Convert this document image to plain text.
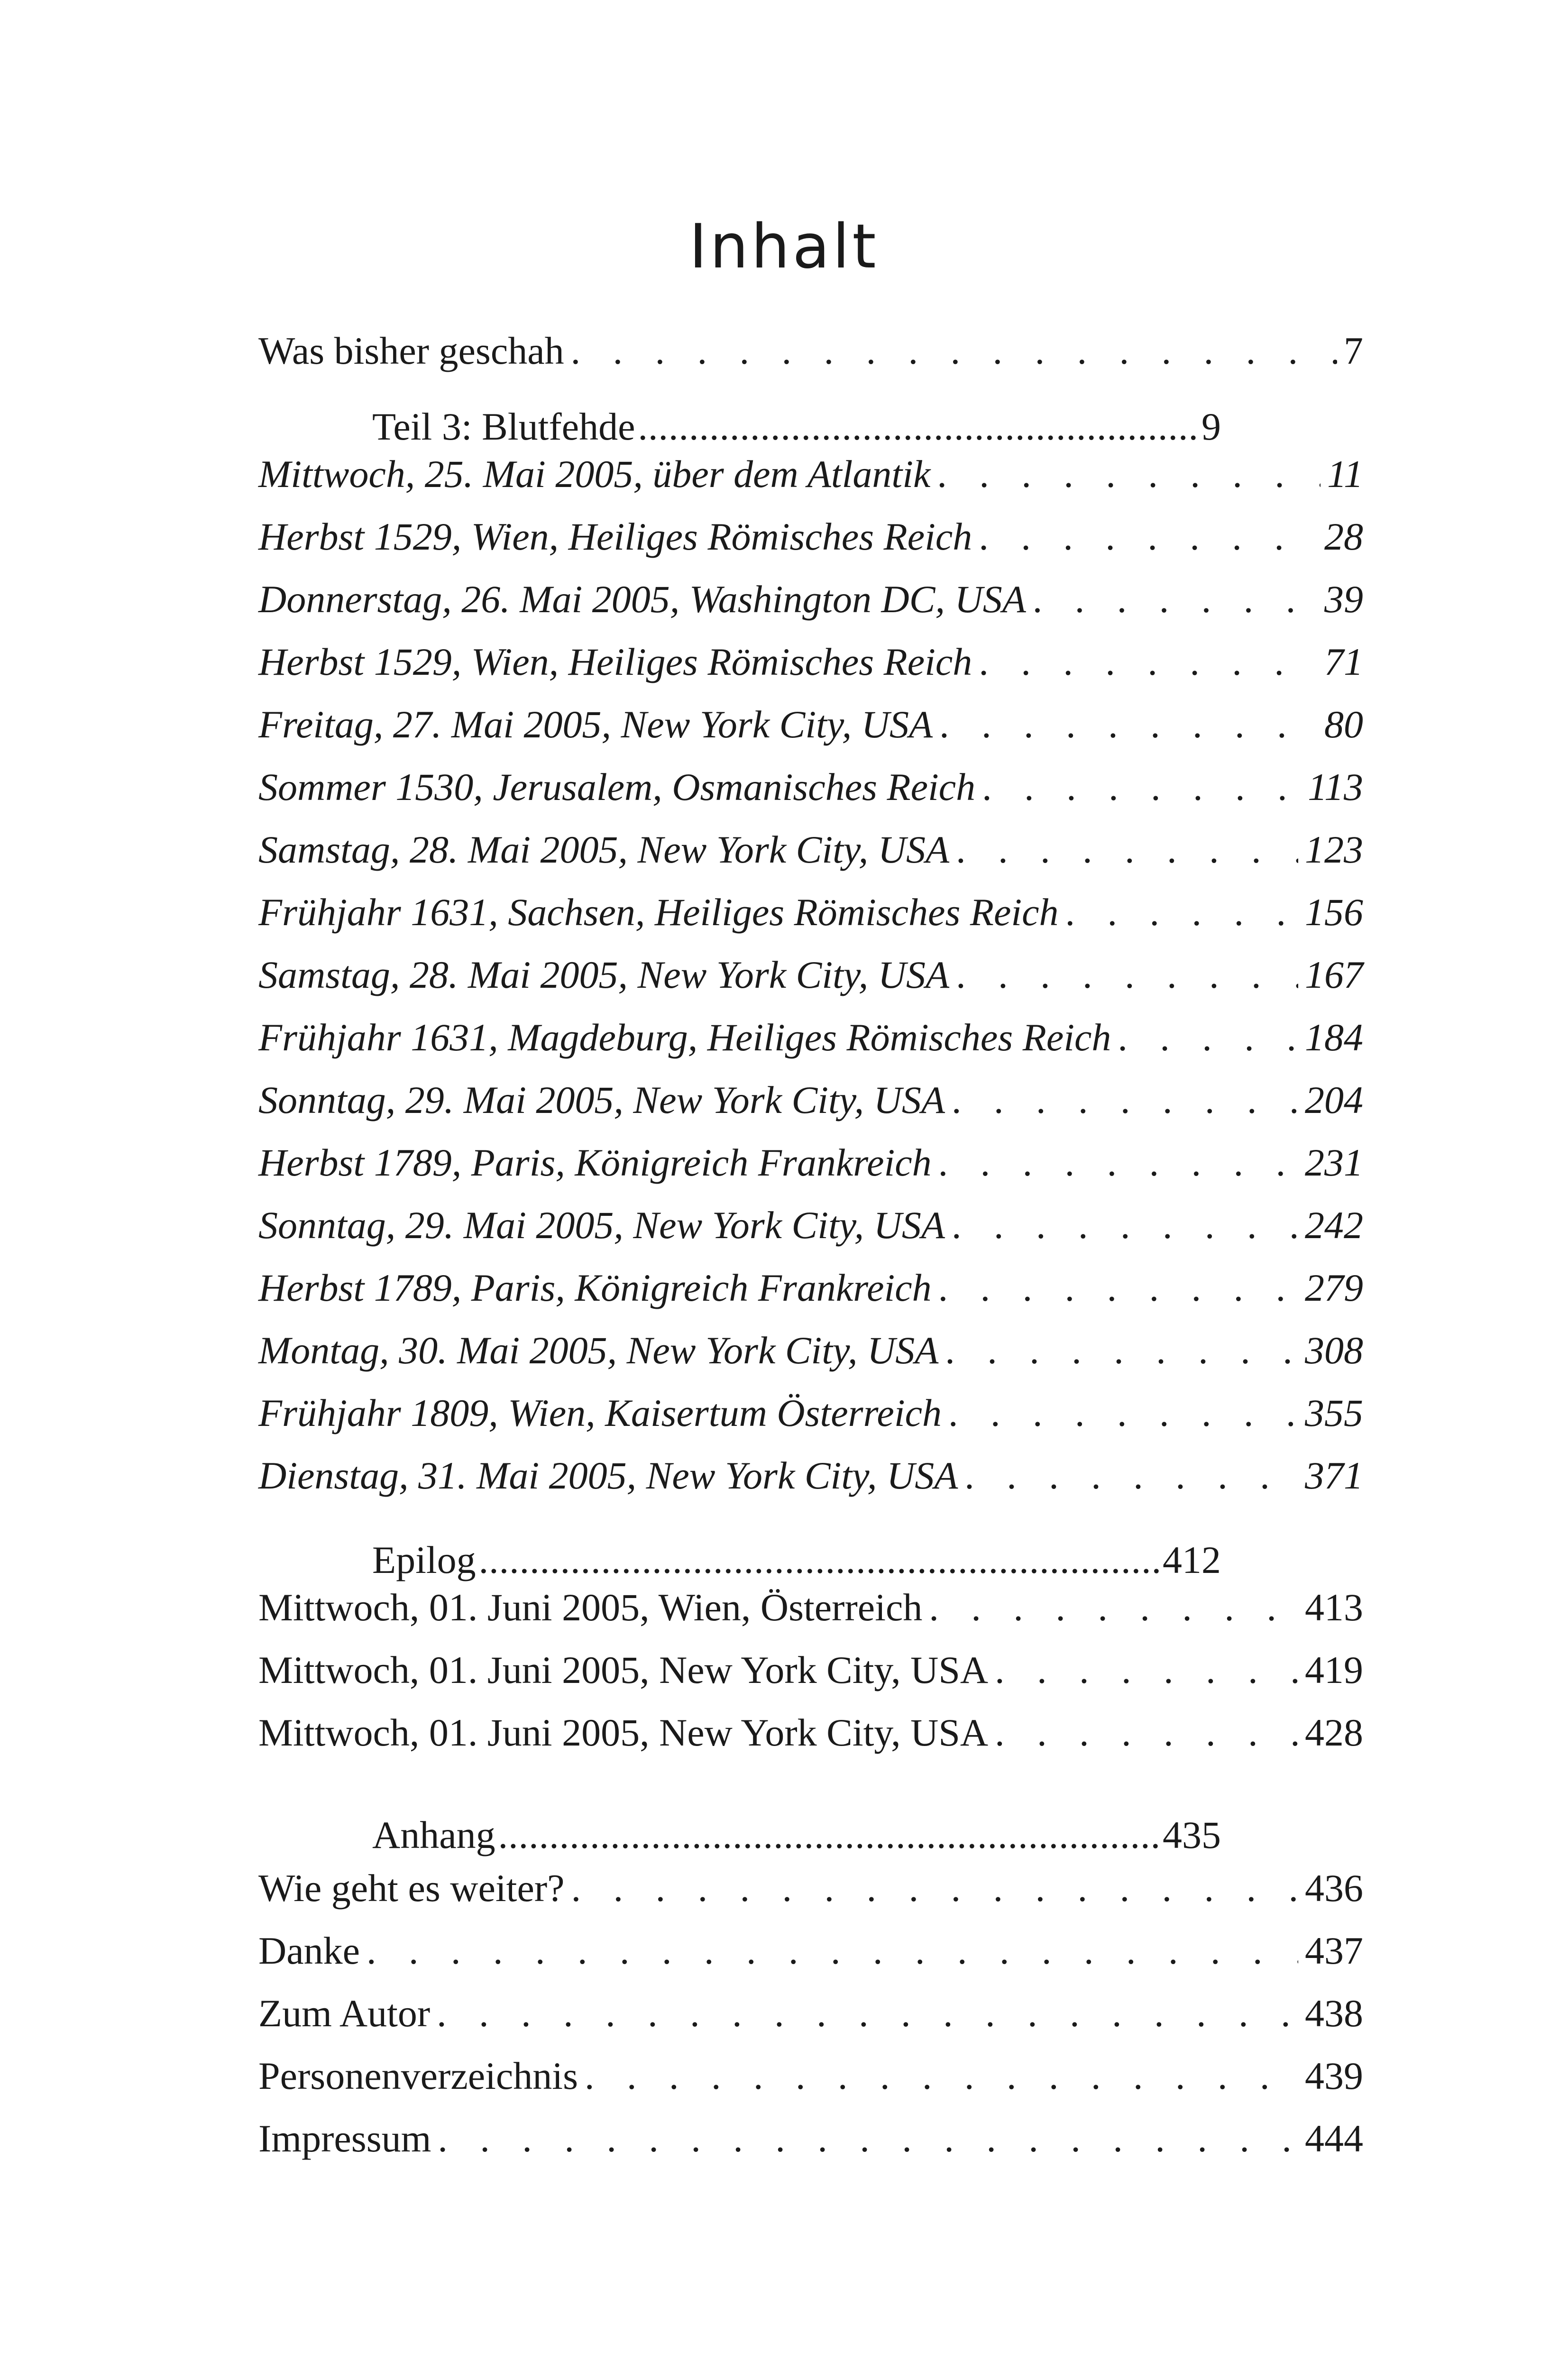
Inhalt
Was bisher geschah . . .	7
Teil 3: Blutfehde .....	9
Mittwoch, 25. Mai 2005, über dem Atlantik . . .	11
Herbst 1529, Wien, Heiliges Römisches Reich . . .	28
Donnerstag, 26. Mai 2005, Washington DC, USA . . .	39
Herbst 1529, Wien, Heiliges Römisches Reich . . .	71
Freitag, 27. Mai 2005, New York City, USA . . .	80
Sommer 1530, Jerusalem, Osmanisches Reich . . .	113
Samstag, 28. Mai 2005, New York City, USA . . .	123
Frühjahr 1631, Sachsen, Heiliges Römisches Reich . . .	156
Samstag, 28. Mai 2005, New York City, USA . . .	167
Frühjahr 1631, Magdeburg, Heiliges Römisches Reich . . .	184
Sonntag, 29. Mai 2005, New York City, USA . . .	204
Herbst 1789, Paris, Königreich Frankreich . . .	231
Sonntag, 29. Mai 2005, New York City, USA . . .	242
Herbst 1789, Paris, Königreich Frankreich . . .	279
Montag, 30. Mai 2005, New York City, USA . . .	308
Frühjahr 1809, Wien, Kaisertum Österreich . . .	355
Dienstag, 31. Mai 2005, New York City, USA . . .	371
Epilog .....	412
Mittwoch, 01. Juni 2005, Wien, Österreich . . .	413
Mittwoch, 01. Juni 2005, New York City, USA . . .	419
Mittwoch, 01. Juni 2005, New York City, USA . . .	428
Anhang .....	435
Wie geht es weiter? . . .	436
Danke . . .	437
Zum Autor . . .	438
Personenverzeichnis . . .	439
Impressum . . .	444
